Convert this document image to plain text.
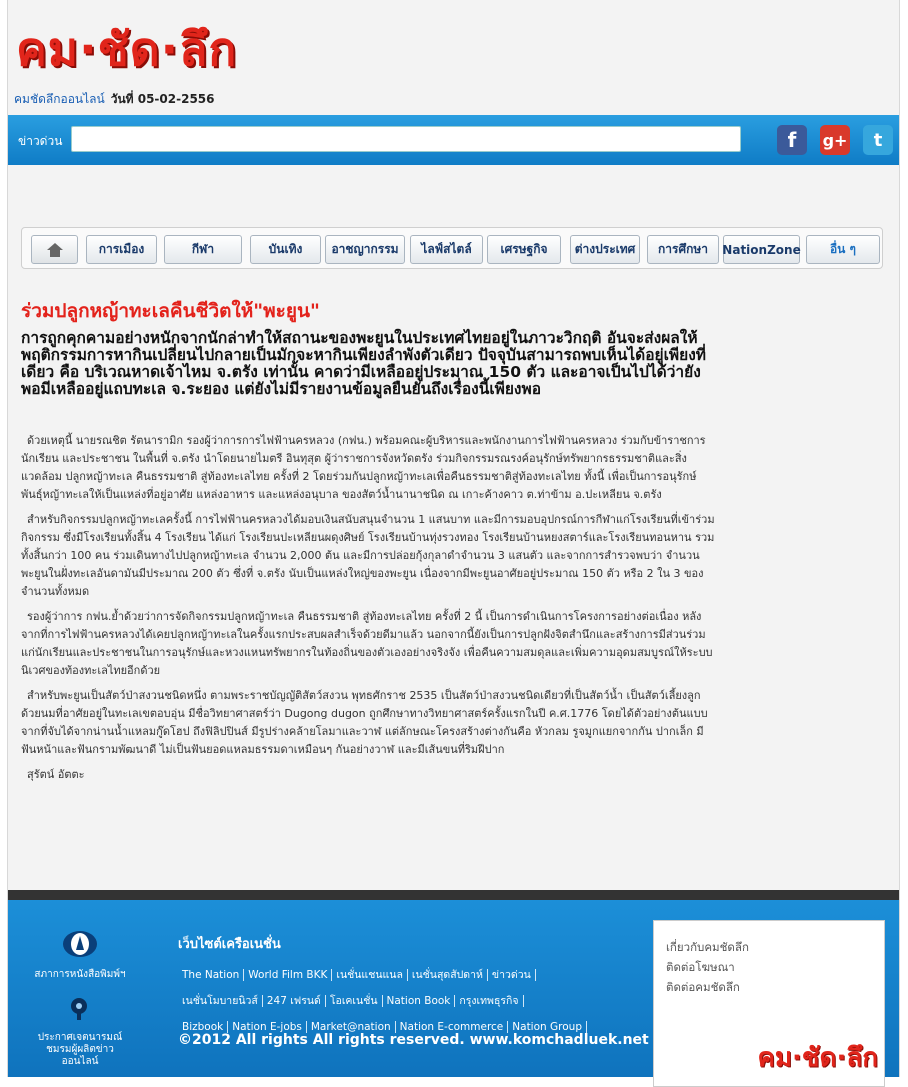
คม·ชัด·ลึก
คมชัดลึกออนไลน์ วันที่ 05-02-2556
ข่าวด่วน	f	g+	t
การเมือง	กีฬา	บันเทิง	อาชญากรรม	ไลฟ์สไตล์	เศรษฐกิจ	ต่างประเทศ	การศึกษา	NationZone	อื่น ๆ
ร่วมปลูกหญ้าทะเลคืนชีวิตให้"พะยูน"
การถูกคุกคามอย่างหนักจากนักล่าทำให้สถานะของพะยูนในประเทศไทยอยู่ในภาวะวิกฤติ อันจะส่งผลให้พฤติกรรมการหากินเปลี่ยนไปกลายเป็นมักจะหากินเพียงลำพังตัวเดียว ปัจจุบันสามารถพบเห็นได้อยู่เพียงที่เดียว คือ บริเวณหาดเจ้าไหม จ.ตรัง เท่านั้น คาดว่ามีเหลืออยู่ประมาณ 150 ตัว และอาจเป็นไปได้ว่ายังพอมีเหลืออยู่แถบทะเล จ.ระยอง แต่ยังไม่มีรายงานข้อมูลยืนยันถึงเรื่องนี้เพียงพอ

ด้วยเหตุนี้ นายรณชิต รัตนารามิก รองผู้ว่าการการไฟฟ้านครหลวง (กฟน.) พร้อมคณะผู้บริหารและพนักงานการไฟฟ้านครหลวง ร่วมกับข้าราชการ นักเรียน และประชาชน ในพื้นที่ จ.ตรัง นำโดยนายไมตรี อินทุสุต ผู้ว่าราชการจังหวัดตรัง ร่วมกิจกรรมรณรงค์อนุรักษ์ทรัพยากรธรรมชาติและสิ่งแวดล้อม ปลูกหญ้าทะเล คืนธรรมชาติ สู่ท้องทะเลไทย ครั้งที่ 2 โดยร่วมกันปลูกหญ้าทะเลเพื่อคืนธรรมชาติสู่ท้องทะเลไทย ทั้งนี้ เพื่อเป็นการอนุรักษ์พันธุ์หญ้าทะเลให้เป็นแหล่งที่อยู่อาศัย แหล่งอาหาร และแหล่งอนุบาล ของสัตว์น้ำนานาชนิด ณ เกาะค้างคาว ต.ท่าข้าม อ.ปะเหลียน จ.ตรัง

สำหรับกิจกรรมปลูกหญ้าทะเลครั้งนี้ การไฟฟ้านครหลวงได้มอบเงินสนับสนุนจำนวน 1 แสนบาท และมีการมอบอุปกรณ์การกีฬาแก่โรงเรียนที่เข้าร่วมกิจกรรม ซึ่งมีโรงเรียนทั้งสิ้น 4 โรงเรียน ได้แก่ โรงเรียนปะเหลียนผดุงศิษย์ โรงเรียนบ้านทุ่งรวงทอง โรงเรียนบ้านหยงสตาร์และโรงเรียนทอนหาน รวมทั้งสิ้นกว่า 100 คน ร่วมเดินทางไปปลูกหญ้าทะเล จำนวน 2,000 ต้น และมีการปล่อยกุ้งกุลาดำจำนวน 3 แสนตัว และจากการสำรวจพบว่า จำนวนพะยูนในฝั่งทะเลอันดามันมีประมาณ 200 ตัว ซึ่งที่ จ.ตรัง นับเป็นแหล่งใหญ่ของพะยูน เนื่องจากมีพะยูนอาศัยอยู่ประมาณ 150 ตัว หรือ 2 ใน 3 ของจำนวนทั้งหมด

รองผู้ว่าการ กฟน.ย้ำด้วยว่าการจัดกิจกรรมปลูกหญ้าทะเล คืนธรรมชาติ สู่ท้องทะเลไทย ครั้งที่ 2 นี้ เป็นการดำเนินการโครงการอย่างต่อเนื่อง หลังจากที่การไฟฟ้านครหลวงได้เคยปลูกหญ้าทะเลในครั้งแรกประสบผลสำเร็จด้วยดีมาแล้ว นอกจากนี้ยังเป็นการปลูกฝังจิตสำนึกและสร้างการมีส่วนร่วมแก่นักเรียนและประชาชนในการอนุรักษ์และหวงแหนทรัพยากรในท้องถิ่นของตัวเองอย่างจริงจัง เพื่อคืนความสมดุลและเพิ่มความอุดมสมบูรณ์ให้ระบบนิเวศของท้องทะเลไทยอีกด้วย

สำหรับพะยูนเป็นสัตว์ป่าสงวนชนิดหนึ่ง ตามพระราชบัญญัติสัตว์สงวน พุทธศักราช 2535 เป็นสัตว์ป่าสงวนชนิดเดียวที่เป็นสัตว์น้ำ เป็นสัตว์เลี้ยงลูกด้วยนมที่อาศัยอยู่ในทะเลเขตอบอุ่น มีชื่อวิทยาศาสตร์ว่า Dugong dugon ถูกศึกษาทางวิทยาศาสตร์ครั้งแรกในปี ค.ศ.1776 โดยได้ตัวอย่างต้นแบบจากที่จับได้จากน่านน้ำแหลมกู๊ดโฮป ถึงฟิลิปปินส์ มีรูปร่างคล้ายโลมาและวาฬ แต่ลักษณะโครงสร้างต่างกันคือ หัวกลม รูจมูกแยกจากกัน ปากเล็ก มีฟันหน้าและฟันกรามพัฒนาดี ไม่เป็นฟันยอดแหลมธรรมดาเหมือนๆ กันอย่างวาฬ และมีเส้นขนที่ริมฝีปาก

สุรัตน์ อัตตะ

สภาการหนังสือพิมพ์ฯ
ประกาศเจตนารมณ์ ชมรมผู้ผลิตข่าวออนไลน์
เว็บไซต์เครือเนชั่น
The Nation World Film BKK เนชั่นแชนแนล เนชั่นสุดสัปดาห์ ข่าวด่วน
เนชั่นโมบายนิวส์ 247 เฟรนด์ โอเคเนชั่น Nation Book กรุงเทพธุรกิจ
Bizbook Nation E-jobs Market@nation Nation E-commerce Nation Group
©2012 All rights All rights reserved. www.komchadluek.net
เกี่ยวกับคมชัดลึก
ติดต่อโฆษณา
ติดต่อคมชัดลึก
คม·ชัด·ลึก
